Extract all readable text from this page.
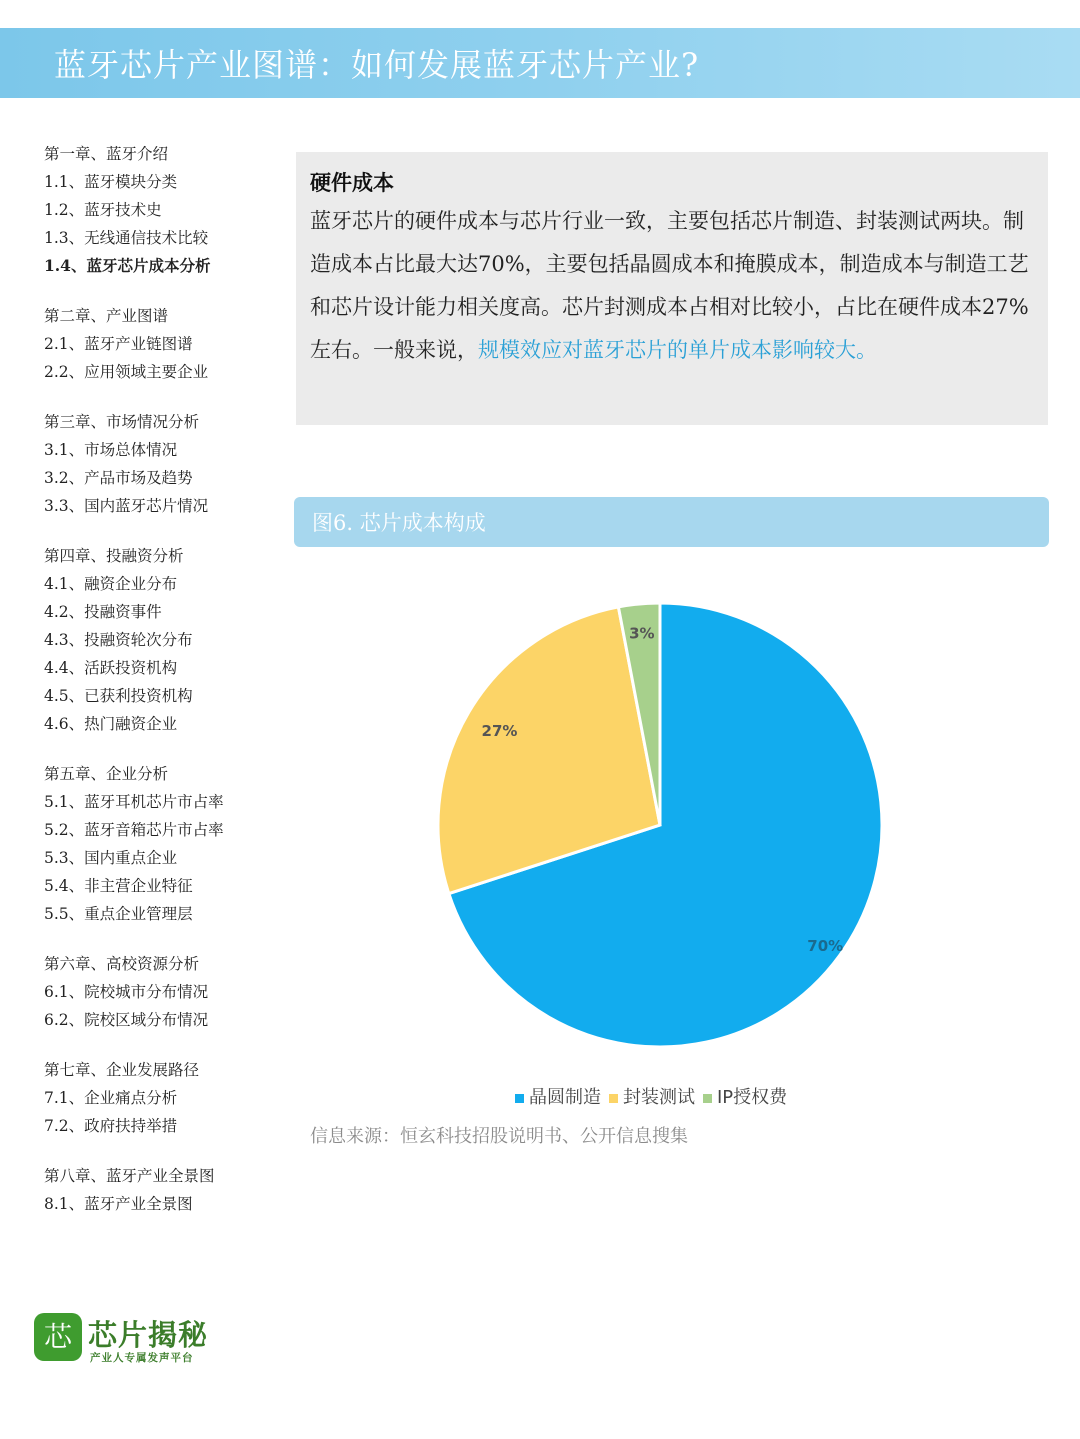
蓝牙芯片产业图谱：如何发展蓝牙芯片产业?
第一章、蓝牙介绍
1.1、蓝牙模块分类
1.2、蓝牙技术史
1.3、无线通信技术比较
1.4、蓝牙芯片成本分析
第二章、产业图谱
2.1、蓝牙产业链图谱
2.2、应用领域主要企业
第三章、市场情况分析
3.1、市场总体情况
3.2、产品市场及趋势
3.3、国内蓝牙芯片情况
第四章、投融资分析
4.1、融资企业分布
4.2、投融资事件
4.3、投融资轮次分布
4.4、活跃投资机构
4.5、已获利投资机构
4.6、热门融资企业
第五章、企业分析
5.1、蓝牙耳机芯片市占率
5.2、蓝牙音箱芯片市占率
5.3、国内重点企业
5.4、非主营企业特征
5.5、重点企业管理层
第六章、高校资源分析
6.1、院校城市分布情况
6.2、院校区域分布情况
第七章、企业发展路径
7.1、企业痛点分析
7.2、政府扶持举措
第八章、蓝牙产业全景图
8.1、蓝牙产业全景图
硬件成本

蓝牙芯片的硬件成本与芯片行业一致，主要包括芯片制造、封装测试两块。制造成本占比最大达70%，主要包括晶圆成本和掩膜成本，制造成本与制造工艺和芯片设计能力相关度高。芯片封测成本占相对比较小，占比在硬件成本27%左右。一般来说，规模效应对蓝牙芯片的单片成本影响较大。

图6. 芯片成本构成
70%
27%
3%
晶圆制造 封装测试 IP授权费
信息来源：恒玄科技招股说明书、公开信息搜集
芯 芯片揭秘
产业人专属发声平台
